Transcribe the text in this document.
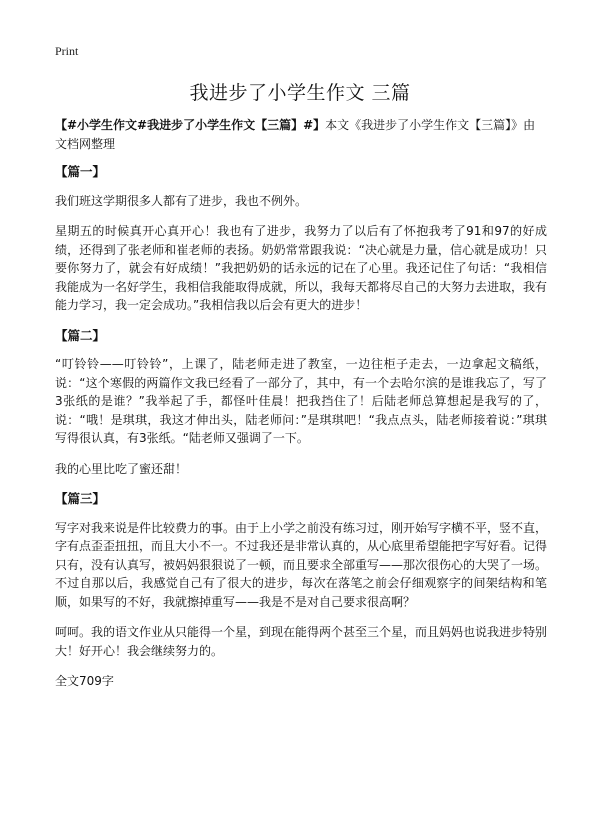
Print
我进步了小学生作文 三篇

【#小学生作文#我进步了小学生作文【三篇】#】本文《我进步了小学生作文【三篇】》由文档网整理

【篇一】

我们班这学期很多人都有了进步，我也不例外。

星期五的时候真开心真开心！我也有了进步，我努力了以后有了怀抱我考了91和97的好成绩，还得到了张老师和崔老师的表扬。奶奶常常跟我说：“决心就是力量，信心就是成功！只要你努力了，就会有好成绩！”我把奶奶的话永远的记在了心里。我还记住了句话：“我相信我能成为一名好学生，我相信我能取得成就，所以，我每天都将尽自己的大努力去进取，我有能力学习，我一定会成功。”我相信我以后会有更大的进步！

【篇二】

“叮铃铃——叮铃铃”，上课了，陆老师走进了教室，一边往柜子走去，一边拿起文稿纸，说：“这个寒假的两篇作文我已经看了一部分了，其中，有一个去哈尔滨的是谁我忘了，写了3张纸的是谁？”我举起了手，都怪叶佳晨！把我挡住了！后陆老师总算想起是我写的了，说：“哦！是琪琪，我这才伸出头，陆老师问：”是琪琪吧！“我点点头，陆老师接着说：”琪琪写得很认真，有3张纸。“陆老师又强调了一下。

我的心里比吃了蜜还甜！

【篇三】

写字对我来说是件比较费力的事。由于上小学之前没有练习过，刚开始写字横不平，竖不直，字有点歪歪扭扭，而且大小不一。不过我还是非常认真的，从心底里希望能把字写好看。记得只有，没有认真写，被妈妈狠狠说了一顿，而且要求全部重写——那次很伤心的大哭了一场。不过自那以后，我感觉自己有了很大的进步，每次在落笔之前会仔细观察字的间架结构和笔顺，如果写的不好，我就擦掉重写——我是不是对自己要求很高啊？

呵呵。我的语文作业从只能得一个星，到现在能得两个甚至三个星，而且妈妈也说我进步特别大！好开心！我会继续努力的。

全文709字
